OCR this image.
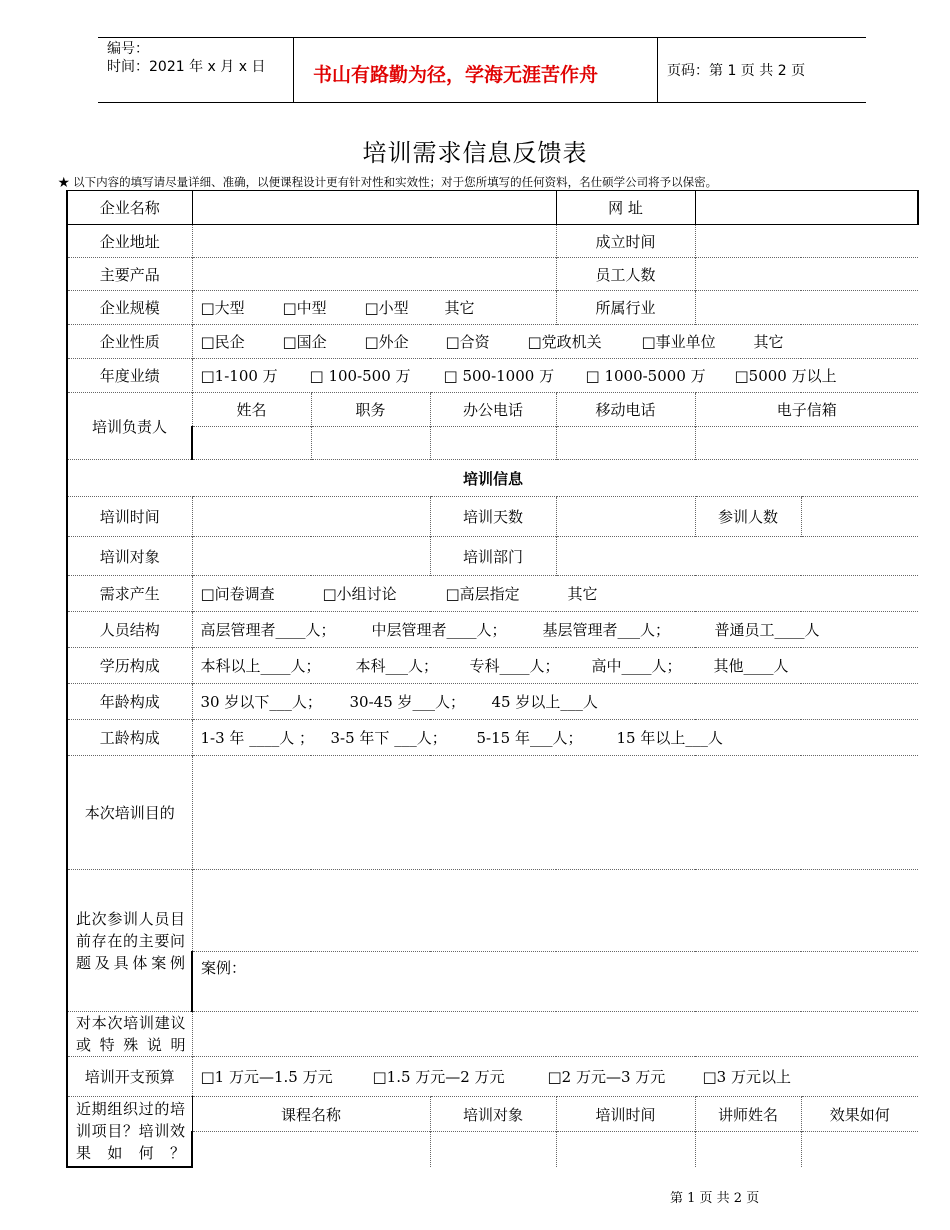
编号：
时间：2021 年 x 月 x 日	书山有路勤为径，学海无涯苦作舟	页码：第 1 页 共 2 页
培训需求信息反馈表
★ 以下内容的填写请尽量详细、准确，以便课程设计更有针对性和实效性；对于您所填写的任何资料，名仕硕学公司将予以保密。
企业名称				网 址		
企业地址				成立时间		
主要产品				员工人数		
企业规模	□大型 □中型 □小型 其它			所属行业		
企业性质	□民企 □国企 □外企 □合资 □党政机关 □事业单位 其它					
年度业绩	□1-100 万 □ 100-500 万 □ 500-1000 万 □ 1000-5000 万 □5000 万以上					
培训负责人	姓名	职务	办公电话	移动电话	电子信箱	

培训信息						
培训时间			培训天数		参训人数	
培训对象			培训部门			
需求产生	□问卷调查 □小组讨论 □高层指定 其它					
人员结构	高层管理者____人； 中层管理者____人； 基层管理者___人； 普通员工____人					
学历构成	本科以上____人； 本科___人； 专科____人； 高中____人； 其他____人					
年龄构成	30 岁以下___人； 30-45 岁___人； 45 岁以上___人					
工龄构成	1-3 年 ____人 ； 3-5 年下 ___人； 5-15 年___人； 15 年以上___人					
本次培训目的						
此次参训人员目前存在的主要问题及具体案例						
	案例：					
对本次培训建议或特殊说明						
培训开支预算	□1 万元—1.5 万元 □1.5 万元—2 万元 □2 万元—3 万元 □3 万元以上					
近期组织过的培训项目？培训效果如何？	课程名称		培训对象	培训时间	讲师姓名	效果如何

第 1 页 共 2 页
